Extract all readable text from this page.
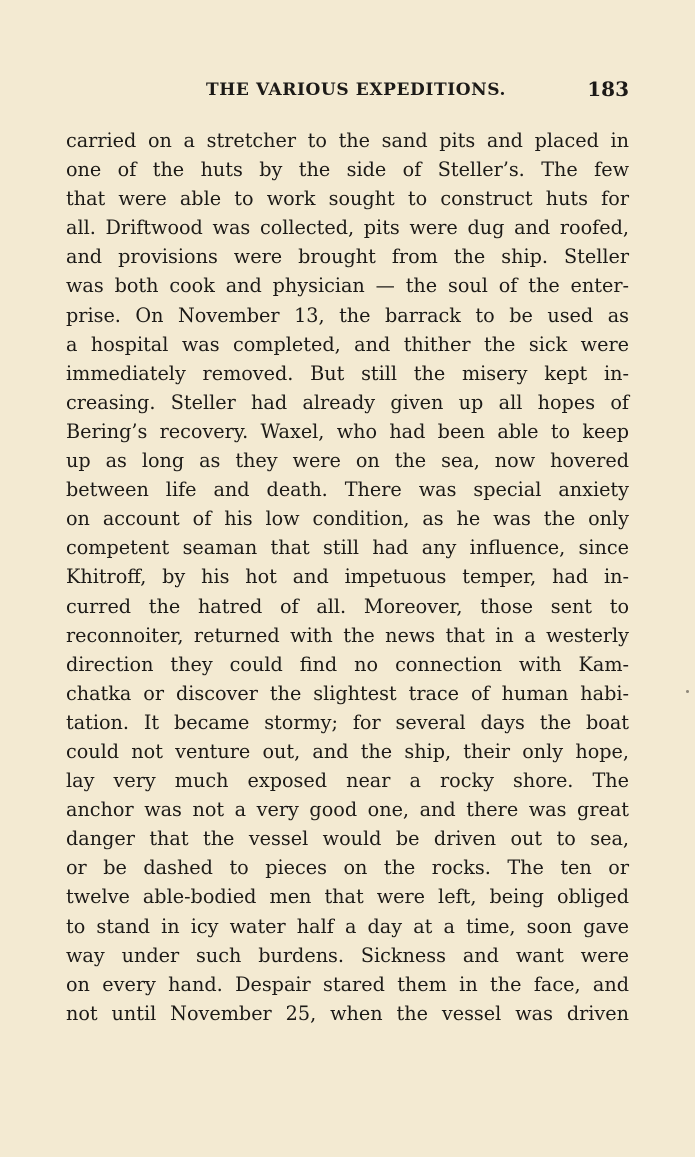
THE VARIOUS EXPEDITIONS.	183
carried on a stretcher to the sand pits and placed in
one of the huts by the side of Steller’s. The few
that were able to work sought to construct huts for
all. Driftwood was collected, pits were dug and roofed,
and provisions were brought from the ship. Steller
was both cook and physician — the soul of the enter-
prise. On November 13, the barrack to be used as
a hospital was completed, and thither the sick were
immediately removed. But still the misery kept in-
creasing. Steller had already given up all hopes of
Bering’s recovery. Waxel, who had been able to keep
up as long as they were on the sea, now hovered
between life and death. There was special anxiety
on account of his low condition, as he was the only
competent seaman that still had any influence, since
Khitroff, by his hot and impetuous temper, had in-
curred the hatred of all. Moreover, those sent to
reconnoiter, returned with the news that in a westerly
direction they could find no connection with Kam-
chatka or discover the slightest trace of human habi-
tation. It became stormy; for several days the boat
could not venture out, and the ship, their only hope,
lay very much exposed near a rocky shore. The
anchor was not a very good one, and there was great
danger that the vessel would be driven out to sea,
or be dashed to pieces on the rocks. The ten or
twelve able-bodied men that were left, being obliged
to stand in icy water half a day at a time, soon gave
way under such burdens. Sickness and want were
on every hand. Despair stared them in the face, and
not until November 25, when the vessel was driven
